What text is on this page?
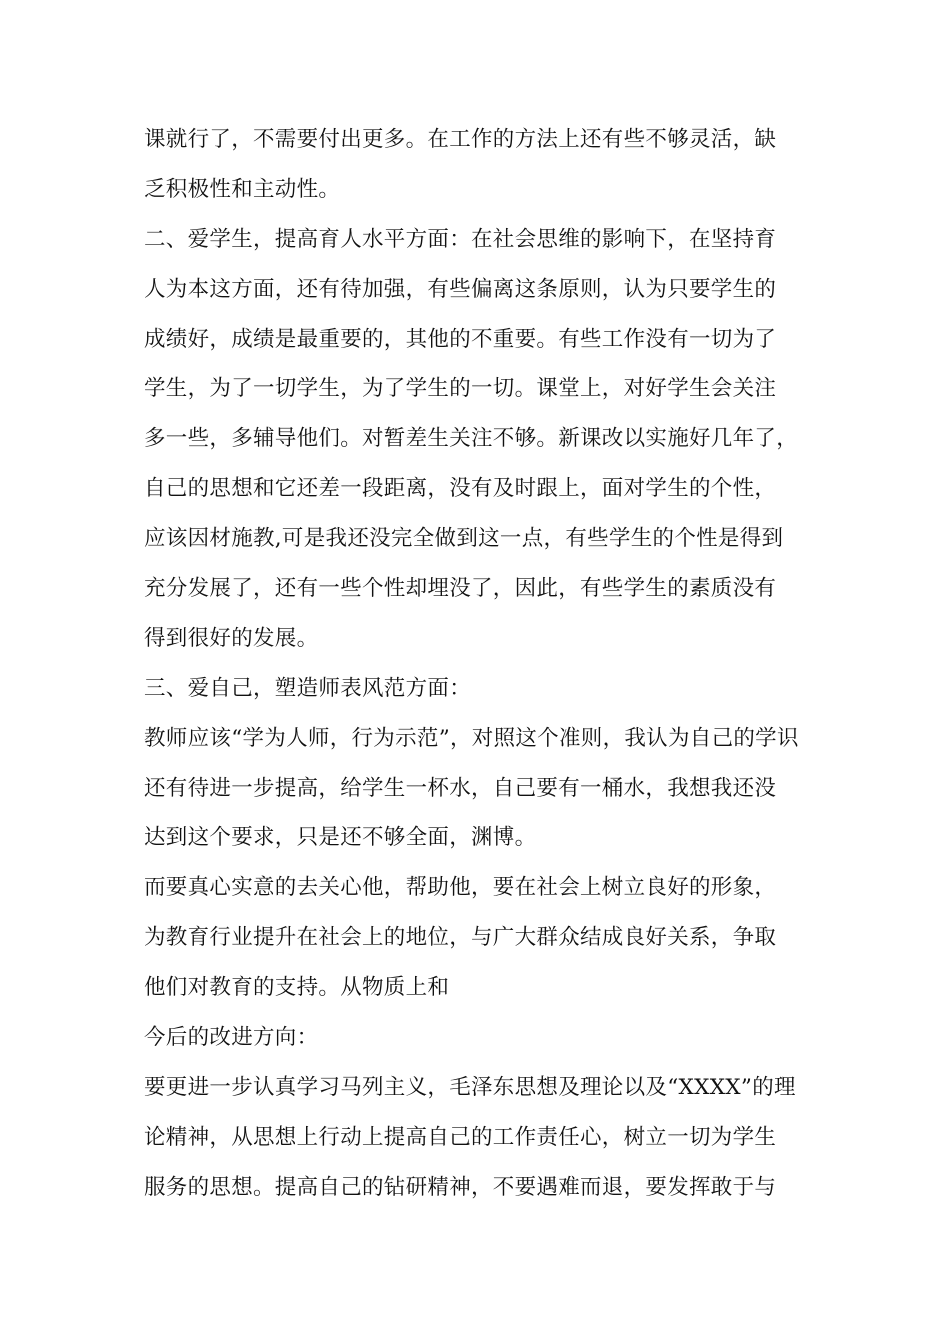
课就行了，不需要付出更多。在工作的方法上还有些不够灵活，缺
乏积极性和主动性。
二、爱学生，提高育人水平方面：在社会思维的影响下，在坚持育
人为本这方面，还有待加强，有些偏离这条原则，认为只要学生的
成绩好，成绩是最重要的，其他的不重要。有些工作没有一切为了
学生，为了一切学生，为了学生的一切。课堂上，对好学生会关注
多一些，多辅导他们。对暂差生关注不够。新课改以实施好几年了，
自己的思想和它还差一段距离，没有及时跟上，面对学生的个性，
应该因材施教,可是我还没完全做到这一点，有些学生的个性是得到
充分发展了，还有一些个性却埋没了，因此，有些学生的素质没有
得到很好的发展。
三、爱自己，塑造师表风范方面：
教师应该“学为人师，行为示范”，对照这个准则，我认为自己的学识
还有待进一步提高，给学生一杯水，自己要有一桶水，我想我还没
达到这个要求，只是还不够全面，渊博。
而要真心实意的去关心他，帮助他，要在社会上树立良好的形象，
为教育行业提升在社会上的地位，与广大群众结成良好关系，争取
他们对教育的支持。从物质上和
今后的改进方向：
要更进一步认真学习马列主义，毛泽东思想及理论以及“XXXX”的理
论精神，从思想上行动上提高自己的工作责任心，树立一切为学生
服务的思想。提高自己的钻研精神，不要遇难而退，要发挥敢于与
